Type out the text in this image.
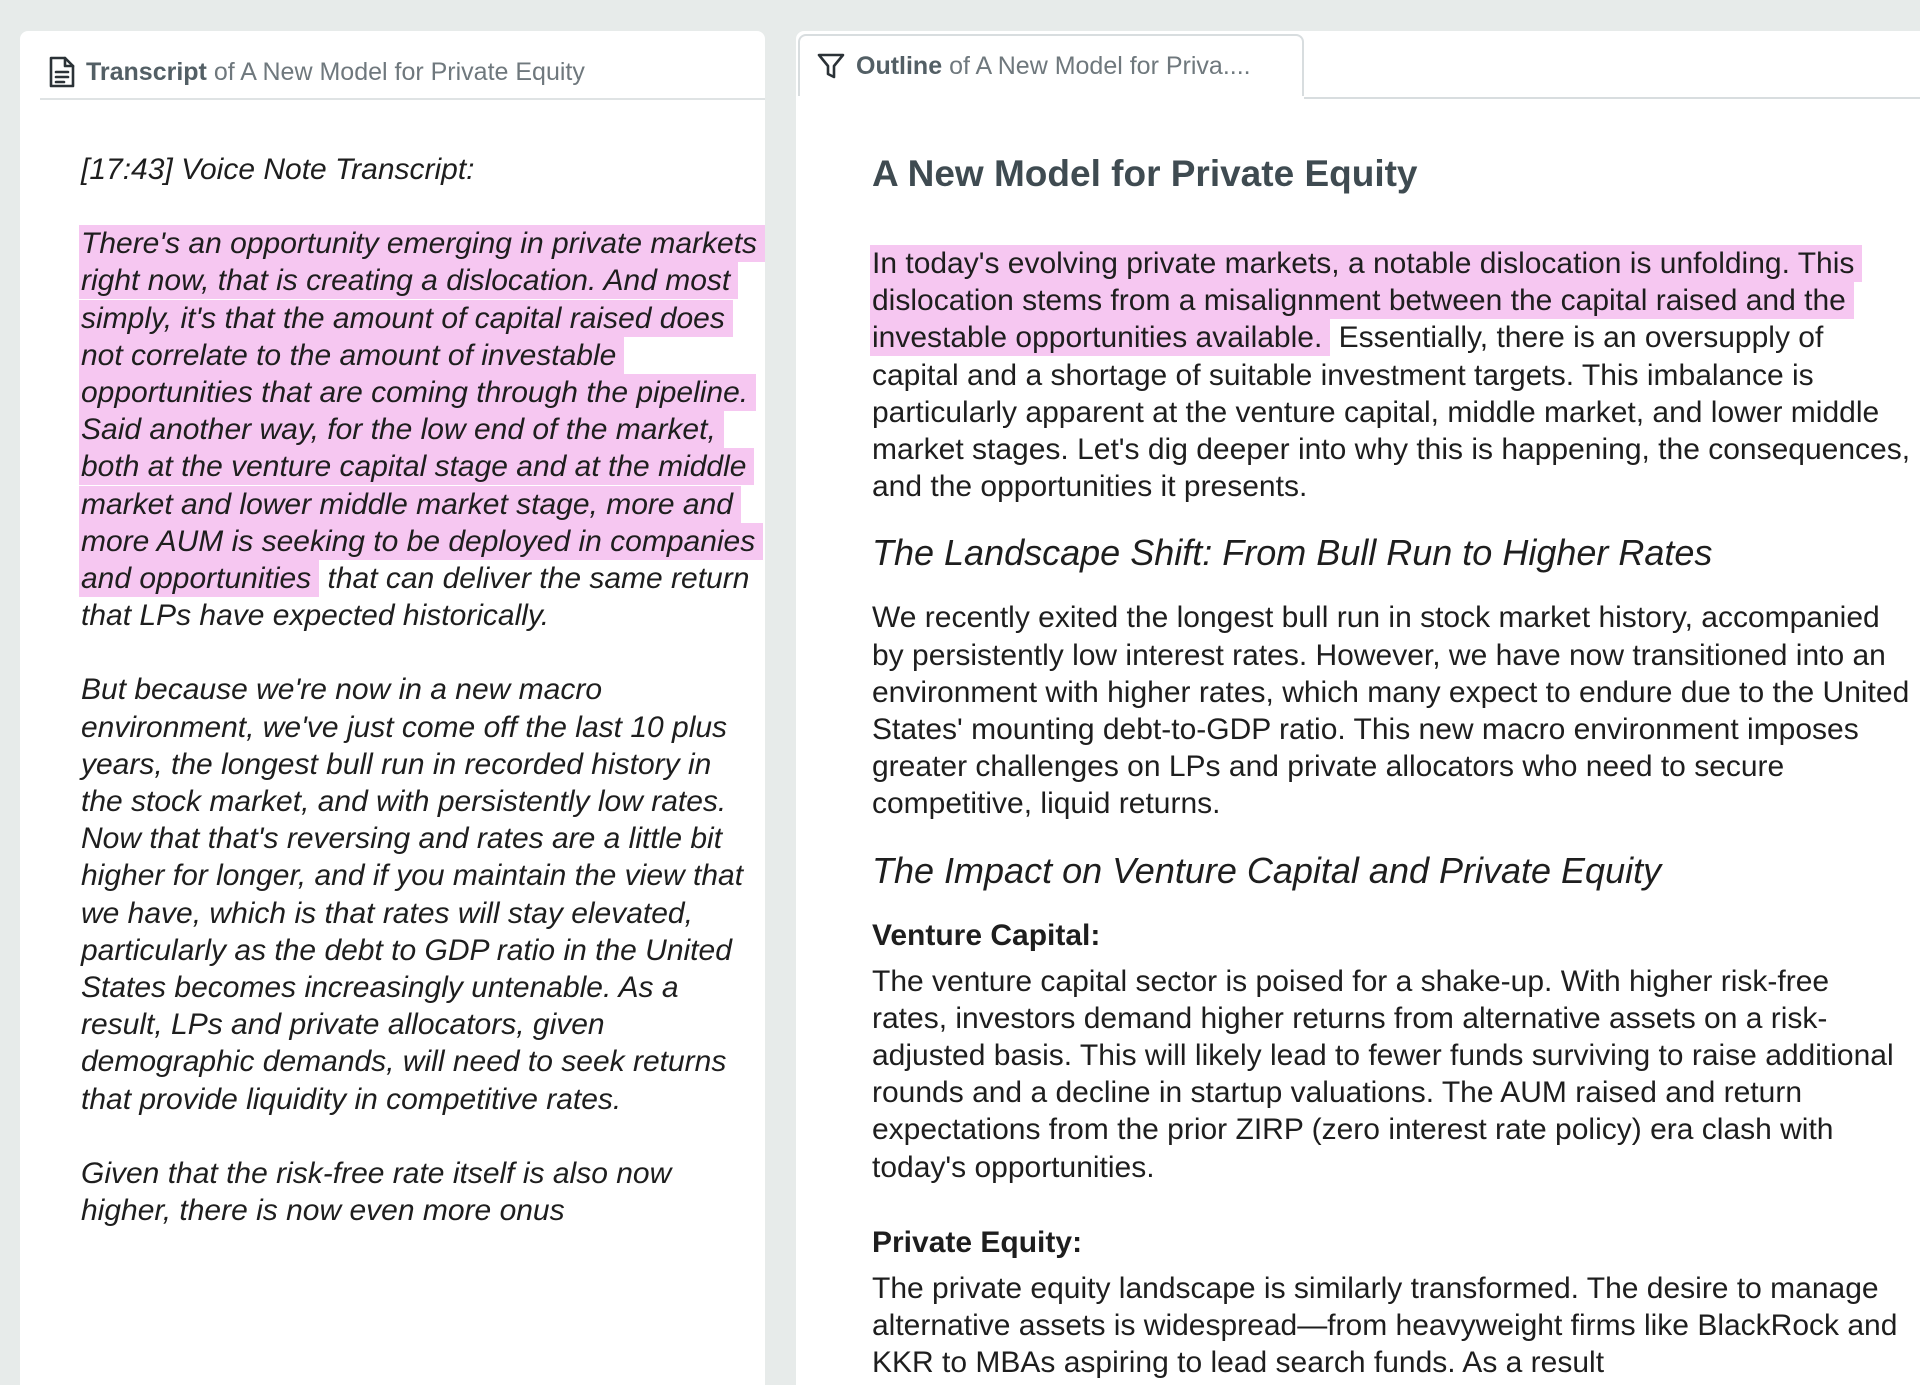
Transcript of A New Model for Private Equity
[17:43] Voice Note Transcript:

There's an opportunity emerging in private markets right now, that is creating a dislocation. And most simply, it's that the amount of capital raised does not correlate to the amount of investable opportunities that are coming through the pipeline. Said another way, for the low end of the market, both at the venture capital stage and at the middle market and lower middle market stage, more and more AUM is seeking to be deployed in companies and opportunities that can deliver the same return that LPs have expected historically.

But because we're now in a new macro environment, we've just come off the last 10 plus years, the longest bull run in recorded history in the stock market, and with persistently low rates. Now that that's reversing and rates are a little bit higher for longer, and if you maintain the view that we have, which is that rates will stay elevated, particularly as the debt to GDP ratio in the United States becomes increasingly untenable. As a result, LPs and private allocators, given demographic demands, will need to seek returns that provide liquidity in competitive rates.

Given that the risk-free rate itself is also now higher, there is now even more onus

Outline of A New Model for Priva....
A New Model for Private Equity

In today's evolving private markets, a notable dislocation is unfolding. This dislocation stems from a misalignment between the capital raised and the investable opportunities available. Essentially, there is an oversupply of capital and a shortage of suitable investment targets. This imbalance is particularly apparent at the venture capital, middle market, and lower middle market stages. Let's dig deeper into why this is happening, the consequences, and the opportunities it presents.

The Landscape Shift: From Bull Run to Higher Rates

We recently exited the longest bull run in stock market history, accompanied by persistently low interest rates. However, we have now transitioned into an environment with higher rates, which many expect to endure due to the United States' mounting debt-to-GDP ratio. This new macro environment imposes greater challenges on LPs and private allocators who need to secure competitive, liquid returns.

The Impact on Venture Capital and Private Equity
Venture Capital:

The venture capital sector is poised for a shake-up. With higher risk-free rates, investors demand higher returns from alternative assets on a risk-adjusted basis. This will likely lead to fewer funds surviving to raise additional rounds and a decline in startup valuations. The AUM raised and return expectations from the prior ZIRP (zero interest rate policy) era clash with today's opportunities.

Private Equity:

The private equity landscape is similarly transformed. The desire to manage alternative assets is widespread—from heavyweight firms like BlackRock and KKR to MBAs aspiring to lead search funds. As a result
